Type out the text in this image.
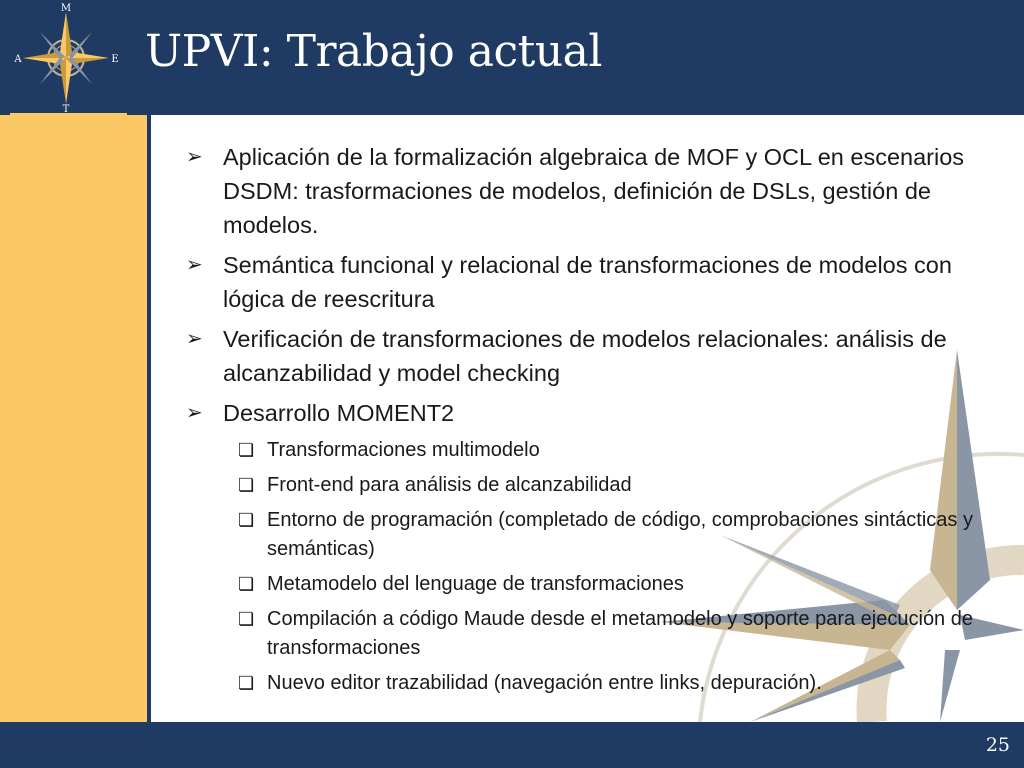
M
T
A	E UPVI: Trabajo actual
➢ Aplicación de la formalización algebraica de MOF y OCL en escenarios DSDM: trasformaciones de modelos, definición de DSLs, gestión de modelos.
➢ Semántica funcional y relacional de transformaciones de modelos con lógica de reescritura
➢ Verificación de transformaciones de modelos relacionales: análisis de alcanzabilidad y model checking
➢ Desarrollo MOMENT2
❏ Transformaciones multimodelo
❏ Front-end para análisis de alcanzabilidad
❏ Entorno de programación (completado de código, comprobaciones sintácticas y semánticas)
❏ Metamodelo del lenguage de transformaciones
❏ Compilación a código Maude desde el metamodelo y soporte para ejecución de transformaciones
❏ Nuevo editor trazabilidad (navegación entre links, depuración).
25
